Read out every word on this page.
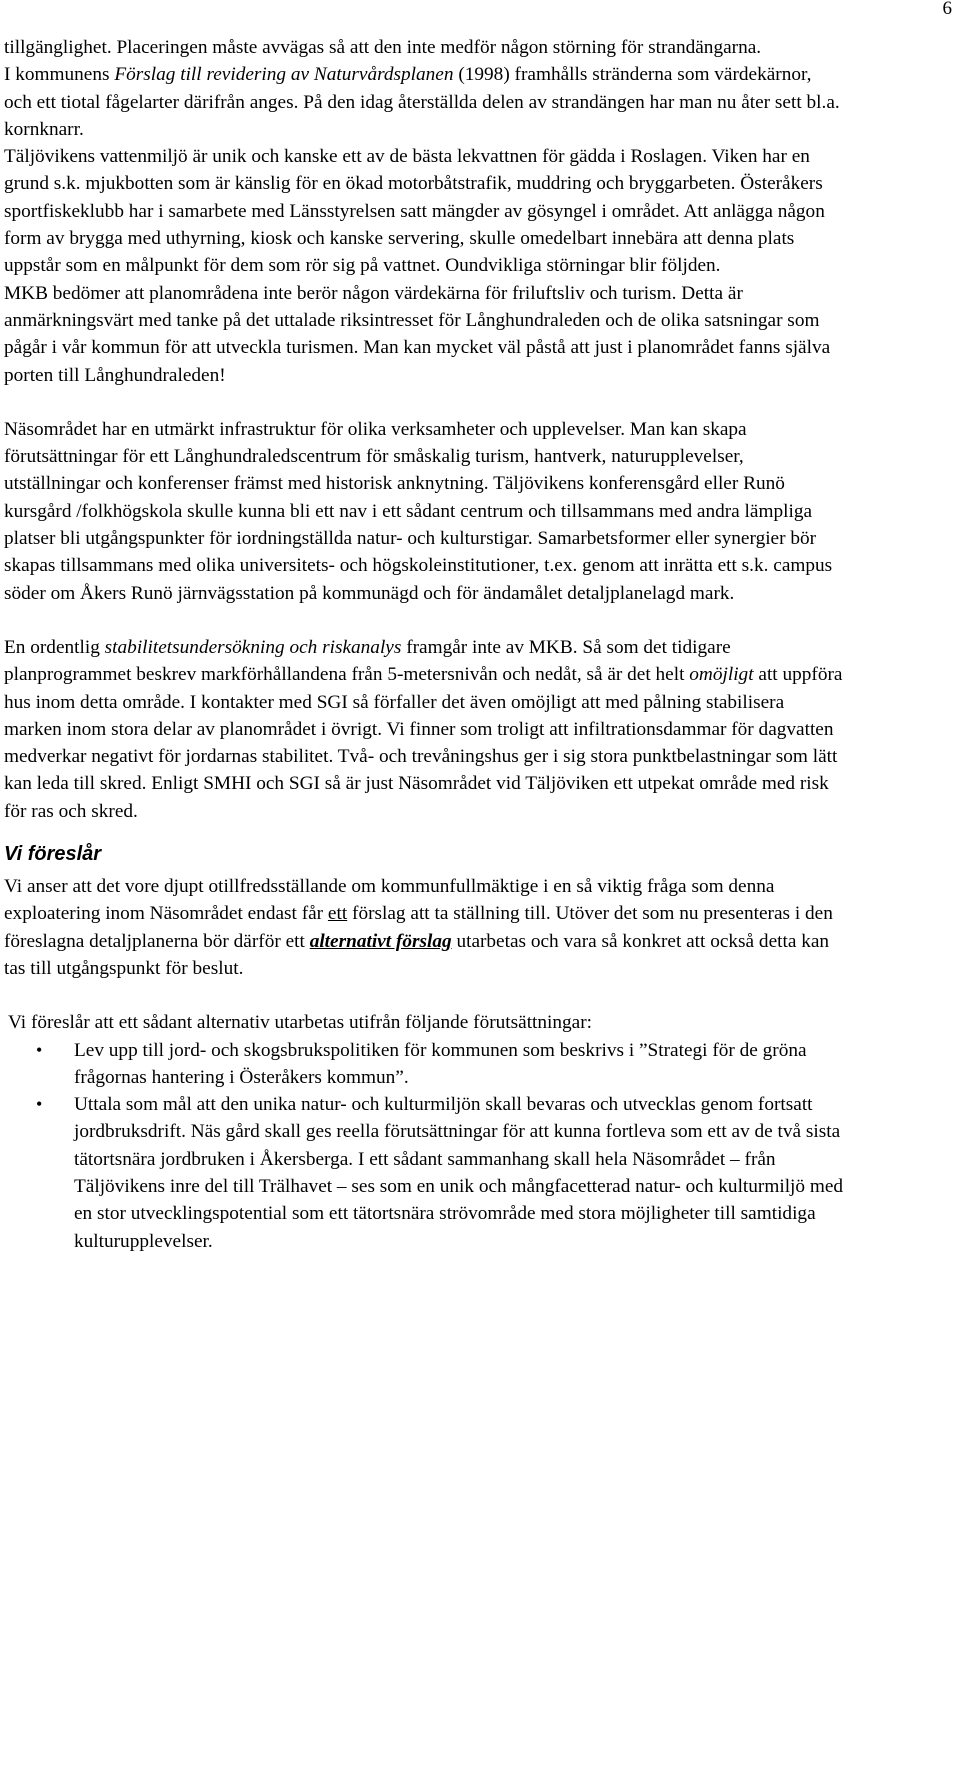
6

tillgänglighet. Placeringen måste avvägas så att den inte medför någon störning för strandängarna.
I kommunens Förslag till revidering av Naturvårdsplanen (1998) framhålls stränderna som värdekärnor, och ett tiotal fågelarter därifrån anges. På den idag återställda delen av strandängen har man nu åter sett bl.a. kornknarr.
Täljövikens vattenmiljö är unik och kanske ett av de bästa lekvattnen för gädda i Roslagen. Viken har en grund s.k. mjukbotten som är känslig för en ökad motorbåtstrafik, muddring och bryggarbeten. Österåkers sportfiskeklubb har i samarbete med Länsstyrelsen satt mängder av gösyngel i området. Att anlägga någon form av brygga med uthyrning, kiosk och kanske servering, skulle omedelbart innebära att denna plats uppstår som en målpunkt för dem som rör sig på vattnet. Oundvikliga störningar blir följden.
MKB bedömer att planområdena inte berör någon värdekärna för friluftsliv och turism. Detta är anmärkningsvärt med tanke på det uttalade riksintresset för Långhundraleden och de olika satsningar som pågår i vår kommun för att utveckla turismen. Man kan mycket väl påstå att just i planområdet fanns själva porten till Långhundraleden!

Näsområdet har en utmärkt infrastruktur för olika verksamheter och upplevelser. Man kan skapa förutsättningar för ett Långhundraledscentrum för småskalig turism, hantverk, naturupplevelser, utställningar och konferenser främst med historisk anknytning. Täljövikens konferensgård eller Runö kursgård /folkhögskola skulle kunna bli ett nav i ett sådant centrum och tillsammans med andra lämpliga platser bli utgångspunkter för iordningställda natur- och kulturstigar. Samarbetsformer eller synergier bör skapas tillsammans med olika universitets- och högskoleinstitutioner, t.ex. genom att inrätta ett s.k. campus söder om Åkers Runö järnvägsstation på kommunägd och för ändamålet detaljplanelagd mark.

En ordentlig stabilitetsundersökning och riskanalys framgår inte av MKB. Så som det tidigare planprogrammet beskrev markförhållandena från 5-metersnivån och nedåt, så är det helt omöjligt att uppföra hus inom detta område. I kontakter med SGI så förfaller det även omöjligt att med pålning stabilisera marken inom stora delar av planområdet i övrigt. Vi finner som troligt att infiltrationsdammar för dagvatten medverkar negativt för jordarnas stabilitet. Två- och trevåningshus ger i sig stora punktbelastningar som lätt kan leda till skred. Enligt SMHI och SGI så är just Näsområdet vid Täljöviken ett utpekat område med risk för ras och skred.

Vi föreslår

Vi anser att det vore djupt otillfredsställande om kommunfullmäktige i en så viktig fråga som denna exploatering inom Näsområdet endast får ett förslag att ta ställning till. Utöver det som nu presenteras i den föreslagna detaljplanerna bör därför ett alternativt förslag utarbetas och vara så konkret att också detta kan tas till utgångspunkt för beslut.

Vi föreslår att ett sådant alternativ utarbetas utifrån följande förutsättningar:

• Lev upp till jord- och skogsbrukspolitiken för kommunen som beskrivs i ”Strategi för de gröna frågornas hantering i Österåkers kommun”.
• Uttala som mål att den unika natur- och kulturmiljön skall bevaras och utvecklas genom fortsatt jordbruksdrift. Näs gård skall ges reella förutsättningar för att kunna fortleva som ett av de två sista tätortsnära jordbruken i Åkersberga. I ett sådant sammanhang skall hela Näsområdet – från Täljövikens inre del till Trälhavet – ses som en unik och mångfacetterad natur- och kulturmiljö med en stor utvecklingspotential som ett tätortsnära strövområde med stora möjligheter till samtidiga kulturupplevelser.
